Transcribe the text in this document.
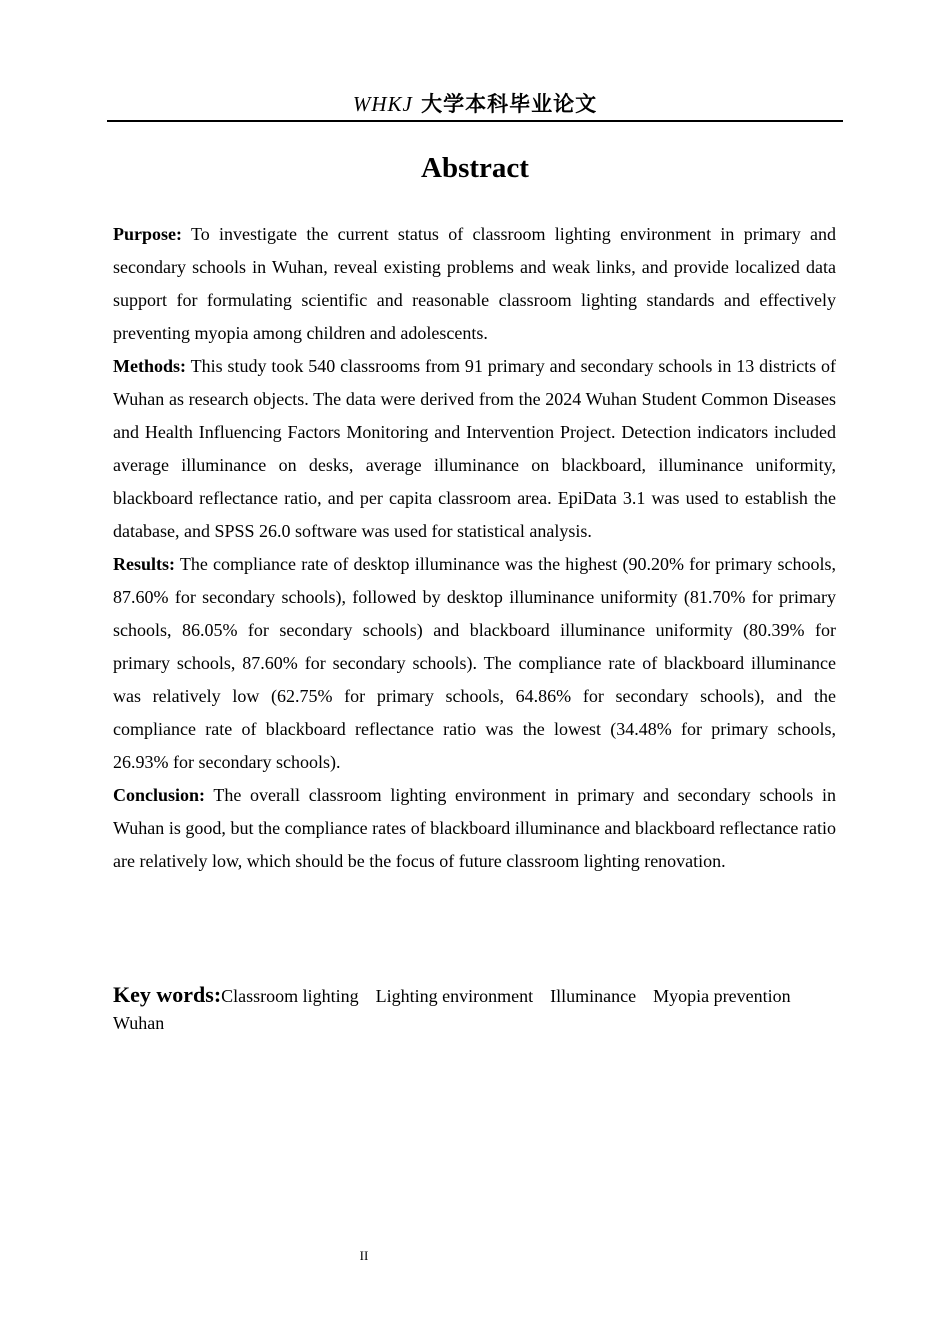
WHKJ 大学本科毕业论文
Abstract

Purpose: To investigate the current status of classroom lighting environment in primary and secondary schools in Wuhan, reveal existing problems and weak links, and provide localized data support for formulating scientific and reasonable classroom lighting standards and effectively preventing myopia among children and adolescents.

Methods: This study took 540 classrooms from 91 primary and secondary schools in 13 districts of Wuhan as research objects. The data were derived from the 2024 Wuhan Student Common Diseases and Health Influencing Factors Monitoring and Intervention Project. Detection indicators included average illuminance on desks, average illuminance on blackboard, illuminance uniformity, blackboard reflectance ratio, and per capita classroom area. EpiData 3.1 was used to establish the database, and SPSS 26.0 software was used for statistical analysis.

Results: The compliance rate of desktop illuminance was the highest (90.20% for primary schools, 87.60% for secondary schools), followed by desktop illuminance uniformity (81.70% for primary schools, 86.05% for secondary schools) and blackboard illuminance uniformity (80.39% for primary schools, 87.60% for secondary schools). The compliance rate of blackboard illuminance was relatively low (62.75% for primary schools, 64.86% for secondary schools), and the compliance rate of blackboard reflectance ratio was the lowest (34.48% for primary schools, 26.93% for secondary schools).

Conclusion: The overall classroom lighting environment in primary and secondary schools in Wuhan is good, but the compliance rates of blackboard illuminance and blackboard reflectance ratio are relatively low, which should be the focus of future classroom lighting renovation.

Key words:Classroom lighting Lighting environment Illuminance Myopia prevention
Wuhan
II
